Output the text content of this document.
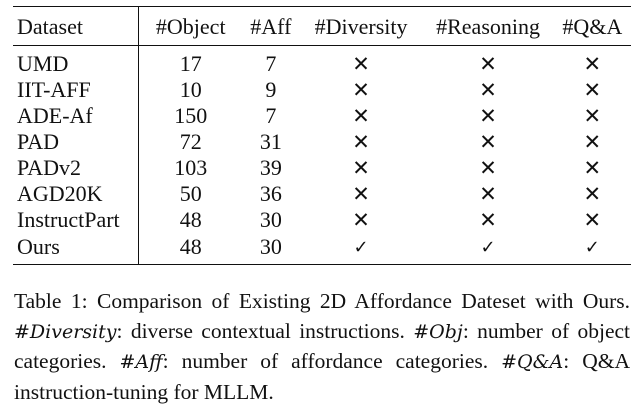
Dataset	#Object	#Aff	#Diversity	#Reasoning	#Q&A
UMD	17	7	✕	✕	✕
IIT-AFF	10	9	✕	✕	✕
ADE-Af	150	7	✕	✕	✕
PAD	72	31	✕	✕	✕
PADv2	103	39	✕	✕	✕
AGD20K	50	36	✕	✕	✕
InstructPart	48	30	✕	✕	✕
Ours	48	30	✓	✓	✓

Table 1: Comparison of Existing 2D Affordance Dateset with Ours. #Diversity: diverse contextual instructions. #Obj: number of object categories. #Aff: number of affordance categories. #Q&A: Q&A instruction-tuning for MLLM.
